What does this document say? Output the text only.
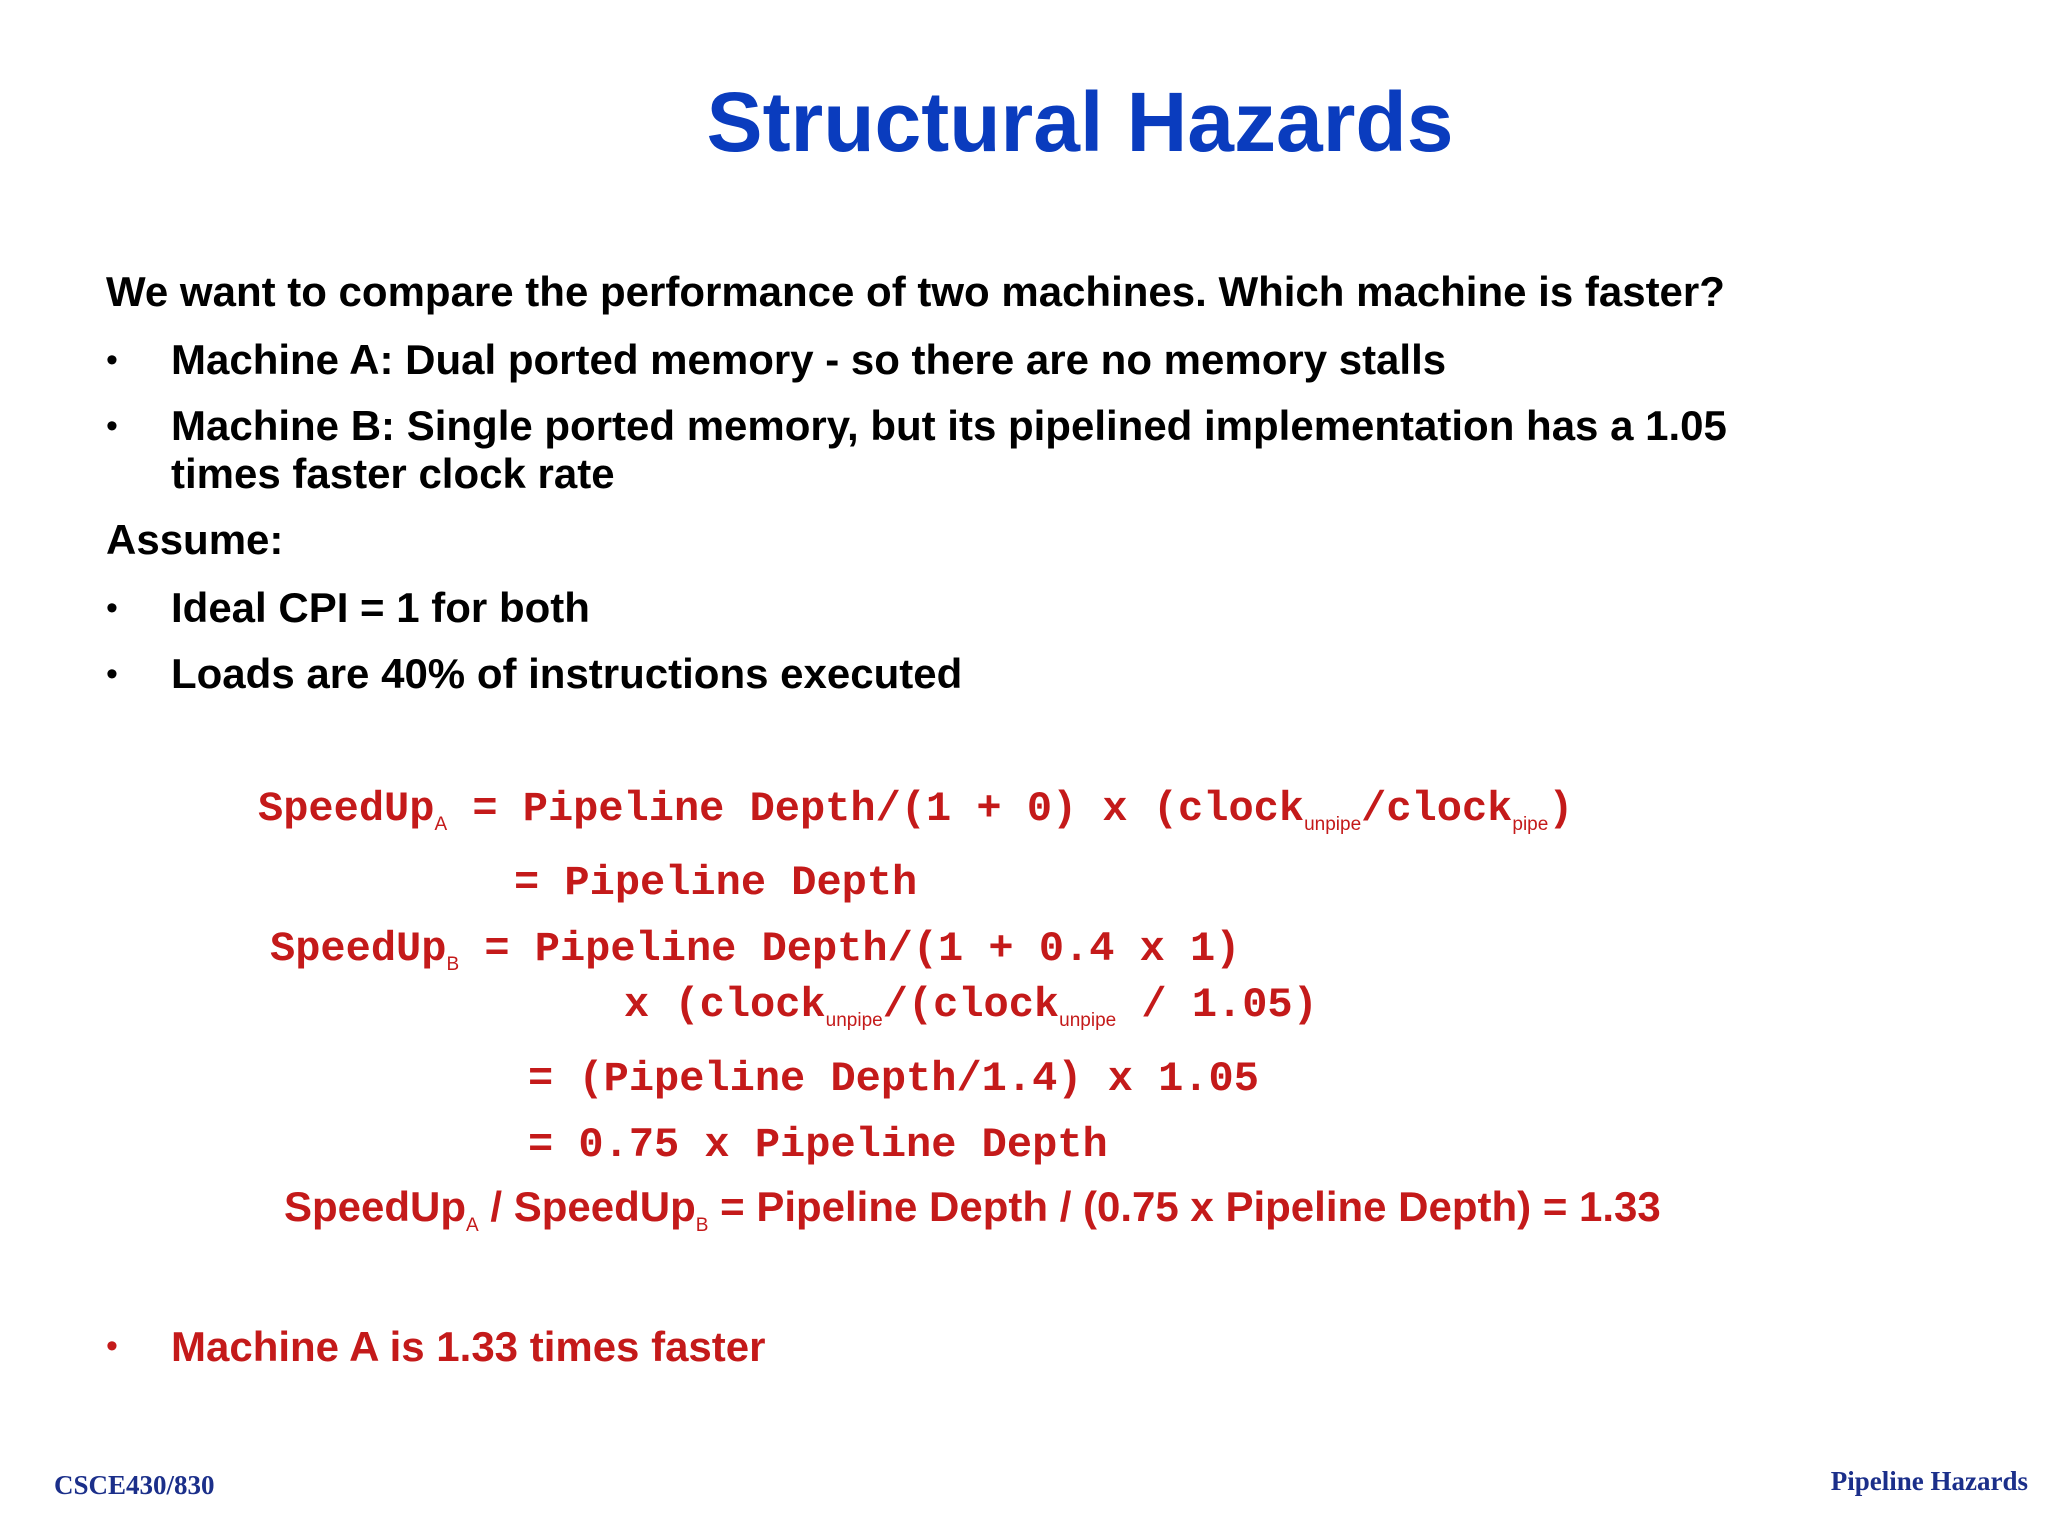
Structural Hazards
We want to compare the performance of two machines. Which machine is faster?
• Machine A: Dual ported memory - so there are no memory stalls
• Machine B: Single ported memory, but its pipelined implementation has a 1.05
times faster clock rate
Assume:
• Ideal CPI = 1 for both
• Loads are 40% of instructions executed
SpeedUp$_A$ = Pipeline Depth/(1 + 0) x (clock$_{unpipe}$/clock$_{pipe}$)
= Pipeline Depth
SpeedUp$_B$ = Pipeline Depth/(1 + 0.4 x 1)
x (clock$_{unpipe}$/(clock$_{unpipe}$ / 1.05)
= (Pipeline Depth/1.4) x 1.05
= 0.75 x Pipeline Depth
SpeedUp$_A$ / SpeedUp$_B$ = Pipeline Depth / (0.75 x Pipeline Depth) = 1.33
• Machine A is 1.33 times faster
CSCE430/830	Pipeline Hazards
